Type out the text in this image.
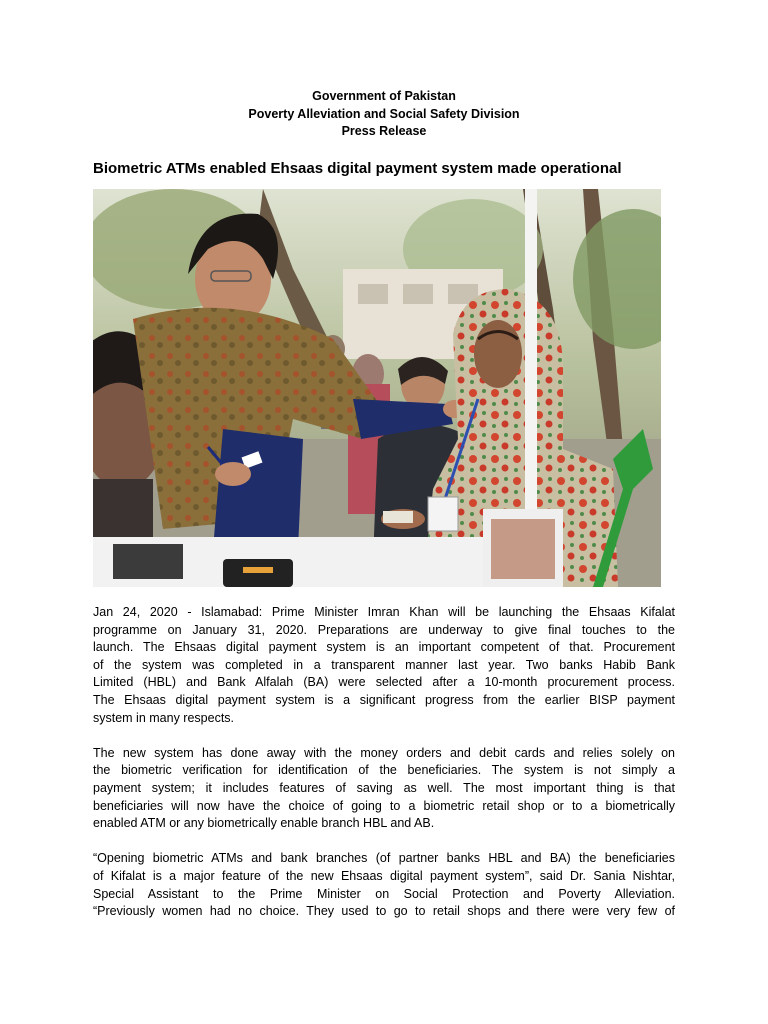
Government of Pakistan
Poverty Alleviation and Social Safety Division
Press Release
Biometric ATMs enabled Ehsaas digital payment system made operational
Jan 24, 2020 - Islamabad: Prime Minister Imran Khan will be launching the Ehsaas Kifalat
programme on January 31, 2020. Preparations are underway to give final touches to the
launch. The Ehsaas digital payment system is an important competent of that. Procurement
of the system was completed in a transparent manner last year. Two banks Habib Bank
Limited (HBL) and Bank Alfalah (BA) were selected after a 10-month procurement process.
The Ehsaas digital payment system is a significant progress from the earlier BISP payment
system in many respects.
The new system has done away with the money orders and debit cards and relies solely on
the biometric verification for identification of the beneficiaries. The system is not simply a
payment system; it includes features of saving as well. The most important thing is that
beneficiaries will now have the choice of going to a biometric retail shop or to a biometrically
enabled ATM or any biometrically enable branch HBL and AB.
“Opening biometric ATMs and bank branches (of partner banks HBL and BA) the beneficiaries
of Kifalat is a major feature of the new Ehsaas digital payment system”, said Dr. Sania Nishtar,
Special Assistant to the Prime Minister on Social Protection and Poverty Alleviation.
“Previously women had no choice. They used to go to retail shops and there were very few of
